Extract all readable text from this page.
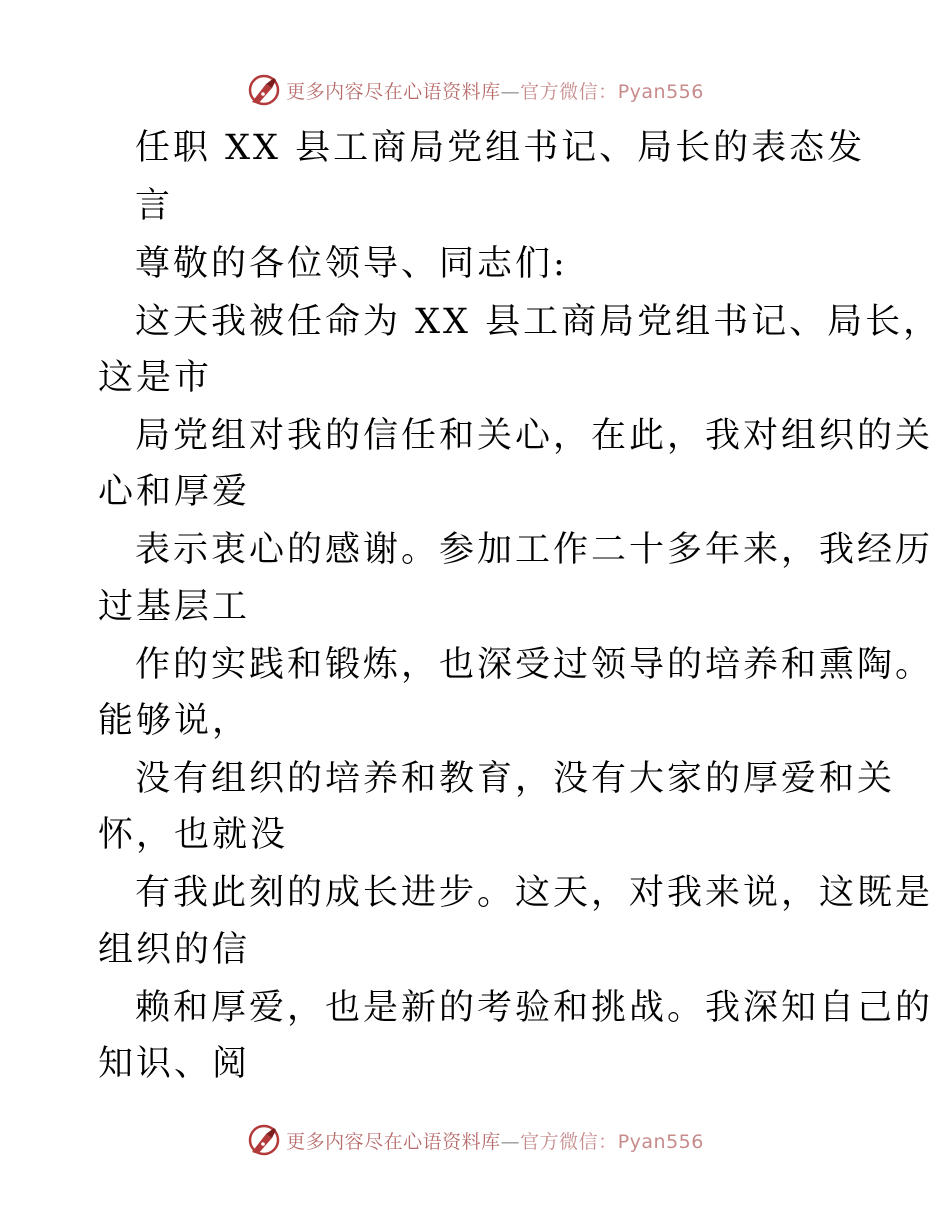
更多内容尽在心语资料库—官方微信：Pyan556
任职 XX 县工商局党组书记、局长的表态发
言
尊敬的各位领导、同志们:
这天我被任命为 XX 县工商局党组书记、局长，
这是市
局党组对我的信任和关心，在此，我对组织的关
心和厚爱
表示衷心的感谢。参加工作二十多年来，我经历
过基层工
作的实践和锻炼，也深受过领导的培养和熏陶。
能够说，
没有组织的培养和教育，没有大家的厚爱和关
怀，也就没
有我此刻的成长进步。这天，对我来说，这既是
组织的信
赖和厚爱，也是新的考验和挑战。我深知自己的
知识、阅
更多内容尽在心语资料库—官方微信：Pyan556
